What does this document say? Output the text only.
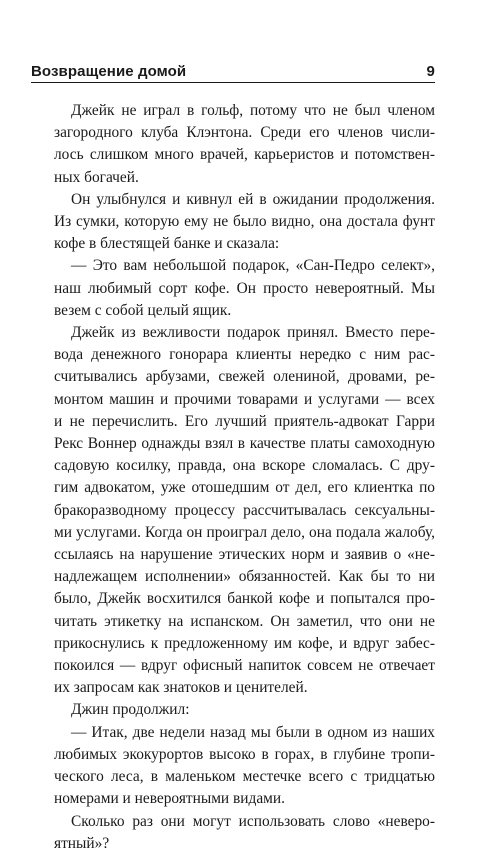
Возвращение домой	9
Джейк не играл в гольф, потому что не был членом
загородного клуба Клэнтона. Среди его членов числи-
лось слишком много врачей, карьеристов и потомствен-
ных богачей.
Он улыбнулся и кивнул ей в ожидании продолжения.
Из сумки, которую ему не было видно, она достала фунт
кофе в блестящей банке и сказала:
— Это вам небольшой подарок, «Сан-Педро селект»,
наш любимый сорт кофе. Он просто невероятный. Мы
везем с собой целый ящик.
Джейк из вежливости подарок принял. Вместо пере-
вода денежного гонорара клиенты нередко с ним рас-
считывались арбузами, свежей олениной, дровами, ре-
монтом машин и прочими товарами и услугами — всех
и не перечислить. Его лучший приятель-адвокат Гарри
Рекс Воннер однажды взял в качестве платы самоходную
садовую косилку, правда, она вскоре сломалась. С дру-
гим адвокатом, уже отошедшим от дел, его клиентка по
бракоразводному процессу рассчитывалась сексуальны-
ми услугами. Когда он проиграл дело, она подала жалобу,
ссылаясь на нарушение этических норм и заявив о «не-
надлежащем исполнении» обязанностей. Как бы то ни
было, Джейк восхитился банкой кофе и попытался про-
читать этикетку на испанском. Он заметил, что они не
прикоснулись к предложенному им кофе, и вдруг забес-
покоился — вдруг офисный напиток совсем не отвечает
их запросам как знатоков и ценителей.
Джин продолжил:
— Итак, две недели назад мы были в одном из наших
любимых экокурортов высоко в горах, в глубине тропи-
ческого леса, в маленьком местечке всего с тридцатью
номерами и невероятными видами.
Сколько раз они могут использовать слово «неверо-
ятный»?
